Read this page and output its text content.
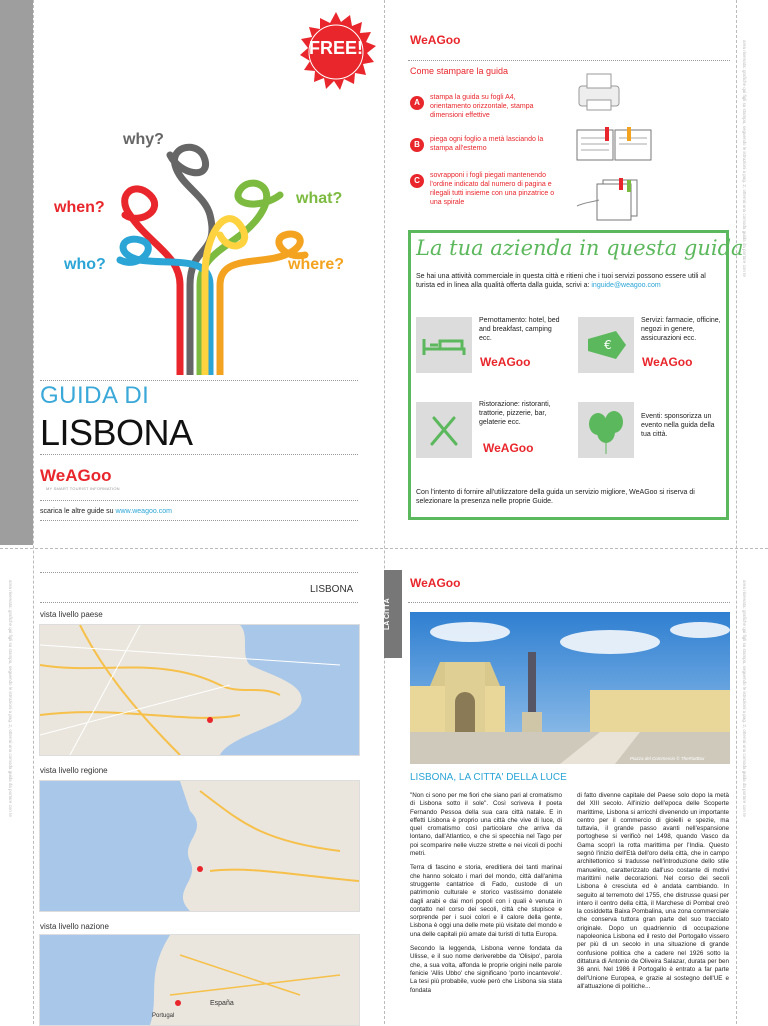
area riservata: grafiche qui figli su stampa, seguendo le istruzioni a pag. 2, otterrai una comoda guida da portare con te
area riservata: grafiche qui figli su stampa, seguendo le istruzioni a pag. 2, otterrai una comoda guida da portare con te	area riservata: grafiche qui figli su stampa, seguendo le istruzioni a pag. 2, otterrai una comoda guida da portare con te
FREE!
why?
when?
what?
who?	where?
GUIDA DI
LISBONA
WeAGoo
MY SMART TOURIST INFORMATION
scarica le altre guide su www.weagoo.com
WeAGoo
Come stampare la guida
A
stampa la guida su fogli A4, orientamento orizzontale, stampa dimensioni effettive
B
piega ogni foglio a metà lasciando la stampa all'esterno
C
sovrapponi i fogli piegati mantenendo l'ordine indicato dal numero di pagina e rilegali tutti insieme con una pinzatrice o una spirale
La tua azienda in questa guida
Se hai una attività commerciale in questa città e ritieni che i tuoi servizi possono essere utili al turista ed in linea alla qualità offerta dalla guida, scrivi a: inguide@weagoo.com
Pernottamento: hotel, bed and breakfast, camping ecc.
WeAGoo
€
Servizi: farmacie, officine, negozi in genere, assicurazioni ecc.
WeAGoo
Ristorazione: ristoranti, trattorie, pizzerie, bar, gelaterie ecc.
WeAGoo
Eventi: sponsorizza un evento nella guida della tua città.
Con l'intento di fornire all'utilizzatore della guida un servizio migliore, WeAGoo si riserva di selezionare la presenza nelle proprie Guide.
LISBONA
vista livello paese
vista livello regione
vista livello nazione
España
Portugal
LA CITTÀ
WeAGoo
Piazza del Commercio © TheRiotBox
LISBONA, LA CITTA' DELLA LUCE

"Non ci sono per me fiori che siano pari al cromatismo di Lisbona sotto il sole". Così scriveva il poeta Fernando Pessoa della sua cara città natale. E in effetti Lisbona è proprio una città che vive di luce, di quel cromatismo così particolare che arriva da lontano, dall'Atlantico, e che si specchia nel Tago per poi scomparire nelle viuzze strette e nei vicoli di pochi metri.

Terra di fascino e storia, ereditiera dei tanti marinai che hanno solcato i mari del mondo, città dall'anima struggente cantatrice di Fado, custode di un patrimonio culturale e storico vastissimo donatele dagli arabi e dai mori popoli con i quali è venuta in contatto nel corso dei secoli, città che stupisce e sorprende per i suoi colori e il calore della gente, Lisbona è oggi una delle mete più visitate del mondo e una delle capitali più amate dai turisti di tutta Europa.

Secondo la leggenda, Lisbona venne fondata da Ulisse, e il suo nome deriverebbe da 'Olisipo', parola che, a sua volta, affonda le proprie origini nelle parole fenicie 'Allis Ubbo' che significano 'porto incantevole'. La tesi più probabile, vuole però che Lisbona sia stata fondata

di fatto divenne capitale del Paese solo dopo la metà del XIII secolo. All'inizio dell'epoca delle Scoperte marittime, Lisbona si arricchì divenendo un importante centro per il commercio di gioielli e spezie, ma tuttavia, il grande passo avanti nell'espansione portoghese si verificò nel 1498, quando Vasco da Gama scoprì la rotta marittima per l'India. Questo segnò l'inizio dell'Età dell'oro della città, che in campo architettonico si tradusse nell'introduzione dello stile manuelino, caratterizzato dall'uso costante di motivi marittimi nelle decorazioni. Nel corso dei secoli Lisbona è cresciuta ed è andata cambiando. In seguito al terremoto del 1755, che distrusse quasi per intero il centro della città, il Marchese di Pombal creò la cosiddetta Baixa Pombalina, una zona commerciale che conserva tuttora gran parte del suo tracciato originale. Dopo un quadriennio di occupazione napoleonica Lisbona ed il resto del Portogallo vissero per più di un secolo in una situazione di grande confusione politica che a cadere nel 1926 sotto la dittatura di Antonio de Oliveira Salazar, durata per ben 36 anni. Nel 1986 il Portogallo è entrato a far parte dell'Unione Europea, e grazie al sostegno dell'UE e all'attuazione di politiche...
